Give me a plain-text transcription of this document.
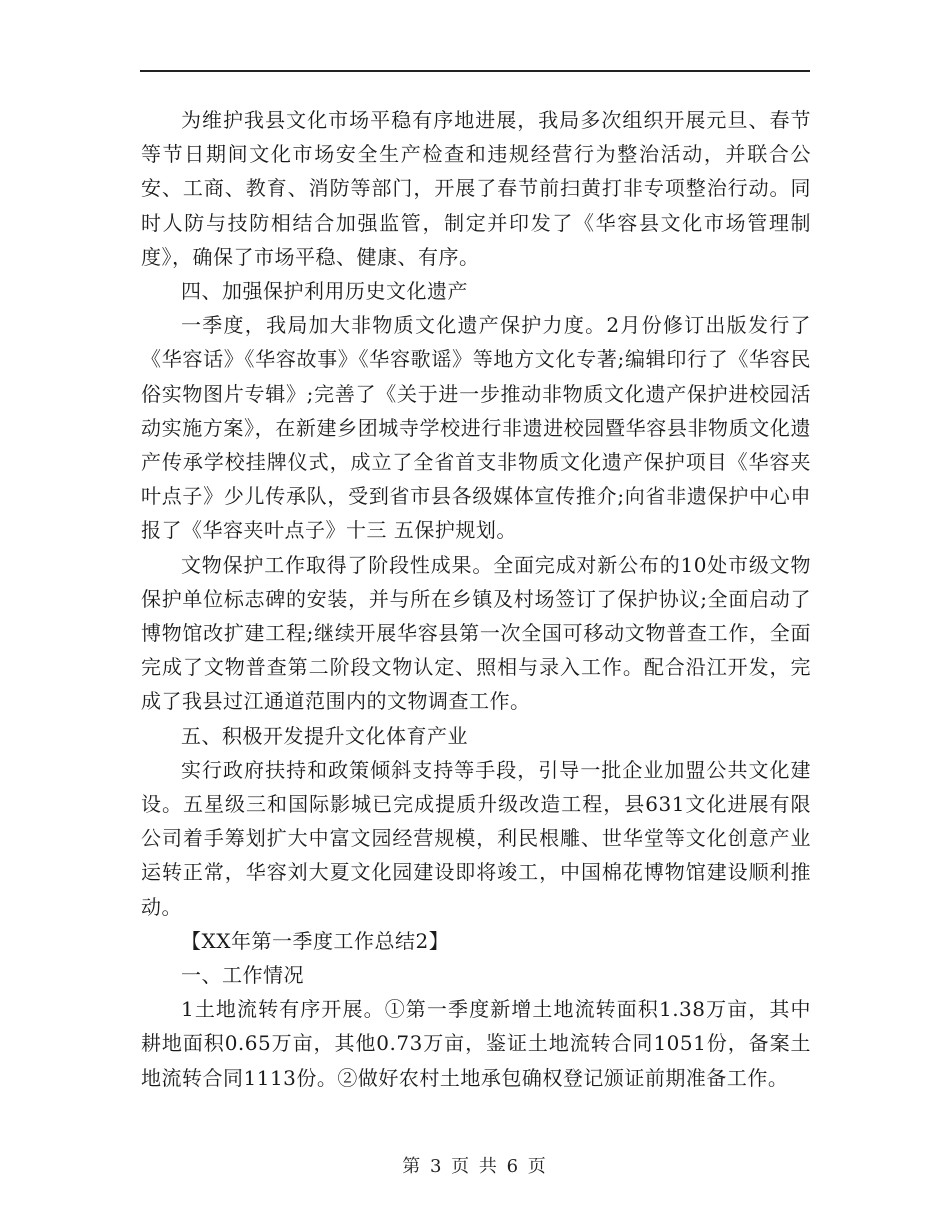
为维护我县文化市场平稳有序地进展，我局多次组织开展元旦、春节等节日期间文化市场安全生产检查和违规经营行为整治活动，并联合公安、工商、教育、消防等部门，开展了春节前扫黄打非专项整治行动。同时人防与技防相结合加强监管，制定并印发了《华容县文化市场管理制度》，确保了市场平稳、健康、有序。

四、加强保护利用历史文化遗产

一季度，我局加大非物质文化遗产保护力度。2月份修订出版发行了《华容话》《华容故事》《华容歌谣》等地方文化专著;编辑印行了《华容民俗实物图片专辑》;完善了《关于进一步推动非物质文化遗产保护进校园活动实施方案》，在新建乡团城寺学校进行非遗进校园暨华容县非物质文化遗产传承学校挂牌仪式，成立了全省首支非物质文化遗产保护项目《华容夹叶点子》少儿传承队，受到省市县各级媒体宣传推介;向省非遗保护中心申报了《华容夹叶点子》十三 五保护规划。

文物保护工作取得了阶段性成果。全面完成对新公布的10处市级文物保护单位标志碑的安装，并与所在乡镇及村场签订了保护协议;全面启动了博物馆改扩建工程;继续开展华容县第一次全国可移动文物普查工作，全面完成了文物普查第二阶段文物认定、照相与录入工作。配合沿江开发，完成了我县过江通道范围内的文物调查工作。

五、积极开发提升文化体育产业

实行政府扶持和政策倾斜支持等手段，引导一批企业加盟公共文化建设。五星级三和国际影城已完成提质升级改造工程，县631文化进展有限公司着手筹划扩大中富文园经营规模，利民根雕、世华堂等文化创意产业运转正常，华容刘大夏文化园建设即将竣工，中国棉花博物馆建设顺利推动。

【XX年第一季度工作总结2】

一、工作情况

1土地流转有序开展。①第一季度新增土地流转面积1.38万亩，其中耕地面积0.65万亩，其他0.73万亩，鉴证土地流转合同1051份，备案土地流转合同1113份。②做好农村土地承包确权登记颁证前期准备工作。

第 3 页 共 6 页
